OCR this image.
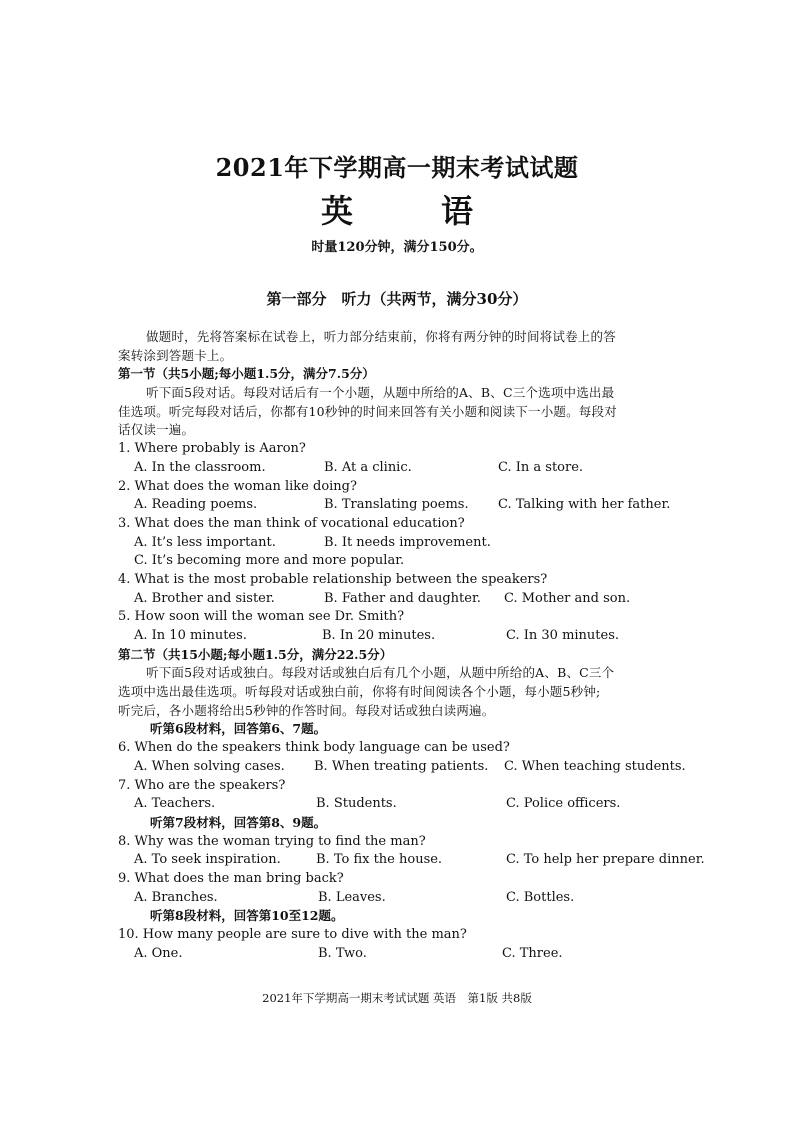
2021年下学期高一期末考试试题
英　语
时量120分钟，满分150分。
第一部分　听力（共两节，满分30分）
做题时，先将答案标在试卷上，听力部分结束前，你将有两分钟的时间将试卷上的答
案转涂到答题卡上。
第一节（共5小题;每小题1.5分，满分7.5分）
听下面5段对话。每段对话后有一个小题，从题中所给的A、B、C三个选项中选出最
佳选项。听完每段对话后，你都有10秒钟的时间来回答有关小题和阅读下一小题。每段对
话仅读一遍。
1. Where probably is Aaron?
A. In the classroom.	B. At a clinic.	C. In a store.
2. What does the woman like doing?
A. Reading poems.	B. Translating poems. C. Talking with her father.
3. What does the man think of vocational education?
A. It’s less important.	B. It needs improvement.
C. It’s becoming more and more popular.
4. What is the most probable relationship between the speakers?
A. Brother and sister.	B. Father and daughter. C. Mother and son.
5. How soon will the woman see Dr. Smith?
A. In 10 minutes.	B. In 20 minutes.	C. In 30 minutes.
第二节（共15小题;每小题1.5分，满分22.5分）
听下面5段对话或独白。每段对话或独白后有几个小题，从题中所给的A、B、C三个
选项中选出最佳选项。听每段对话或独白前，你将有时间阅读各个小题，每小题5秒钟;
听完后，各小题将给出5秒钟的作答时间。每段对话或独白读两遍。
听第6段材料，回答第6、7题。
6. When do the speakers think body language can be used?
A. When solving cases. B. When treating patients. C. When teaching students.
7. Who are the speakers?
A. Teachers.	B. Students.	C. Police officers.
听第7段材料，回答第8、9题。
8. Why was the woman trying to find the man?
A. To seek inspiration.	B. To fix the house.	C. To help her prepare dinner.
9. What does the man bring back?
A. Branches.	B. Leaves.	C. Bottles.
听第8段材料，回答第10至12题。
10. How many people are sure to dive with the man?
A. One.	B. Two.	C. Three.
2021年下学期高一期末考试试题 英语　第1版 共8版
